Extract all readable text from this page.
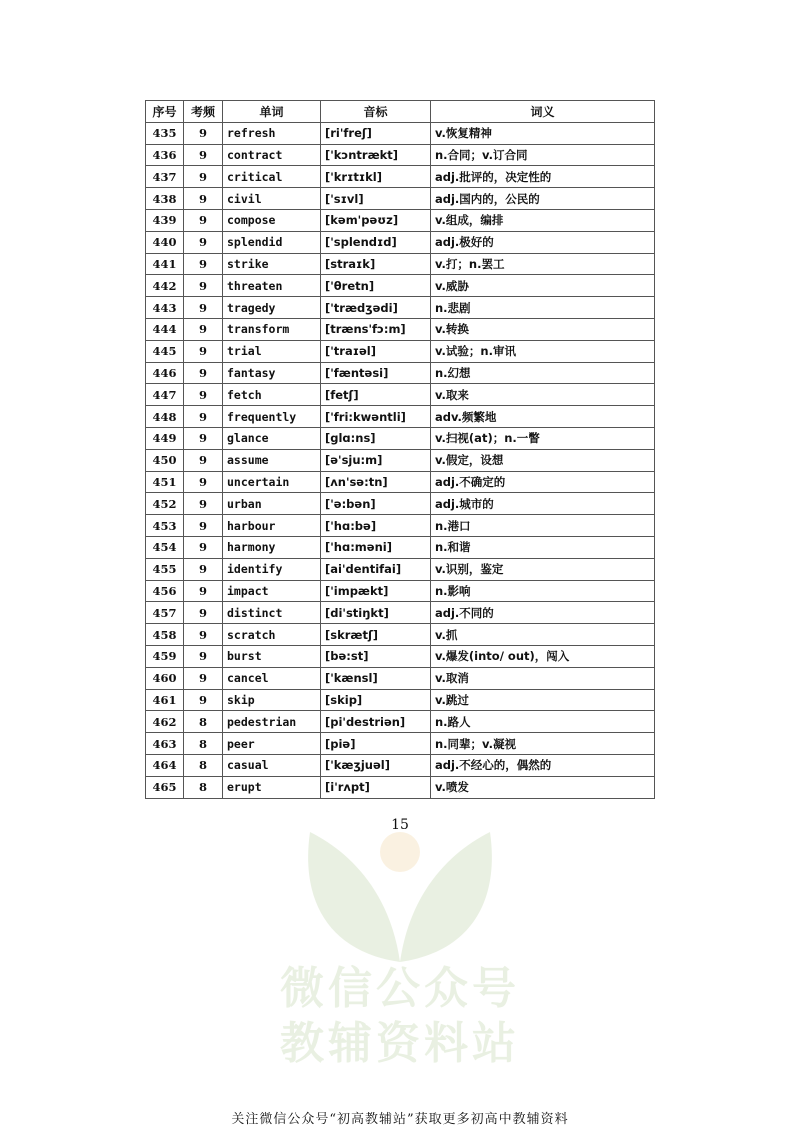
序号	考频	单词	音标	词义
435	9	refresh	[ri'freʃ]	v.恢复精神
436	9	contract	['kɔntrækt]	n.合同；v.订合同
437	9	critical	['krɪtɪkl]	adj.批评的，决定性的
438	9	civil	['sɪvl]	adj.国内的，公民的
439	9	compose	[kəm'pəʊz]	v.组成，编排
440	9	splendid	['splendɪd]	adj.极好的
441	9	strike	[straɪk]	v.打；n.罢工
442	9	threaten	['θretn]	v.威胁
443	9	tragedy	['trædʒədi]	n.悲剧
444	9	transform	[træns'fɔ:m]	v.转换
445	9	trial	['traɪəl]	v.试验；n.审讯
446	9	fantasy	['fæntəsi]	n.幻想
447	9	fetch	[fetʃ]	v.取来
448	9	frequently	['fri:kwəntli]	adv.频繁地
449	9	glance	[glɑ:ns]	v.扫视(at)；n.一瞥
450	9	assume	[ə'sju:m]	v.假定，设想
451	9	uncertain	[ʌn'sə:tn]	adj.不确定的
452	9	urban	['ə:bən]	adj.城市的
453	9	harbour	['hɑ:bə]	n.港口
454	9	harmony	['hɑ:məni]	n.和谐
455	9	identify	[ai'dentifai]	v.识别，鉴定
456	9	impact	['impækt]	n.影响
457	9	distinct	[di'stiŋkt]	adj.不同的
458	9	scratch	[skrætʃ]	v.抓
459	9	burst	[bə:st]	v.爆发(into/ out)，闯入
460	9	cancel	['kænsl]	v.取消
461	9	skip	[skip]	v.跳过
462	8	pedestrian	[pi'destriən]	n.路人
463	8	peer	[piə]	n.同辈；v.凝视
464	8	casual	['kæʒjuəl]	adj.不经心的，偶然的
465	8	erupt	[i'rʌpt]	v.喷发
微信公众号
教辅资料站
15
关注微信公众号“初高教辅站”获取更多初高中教辅资料
